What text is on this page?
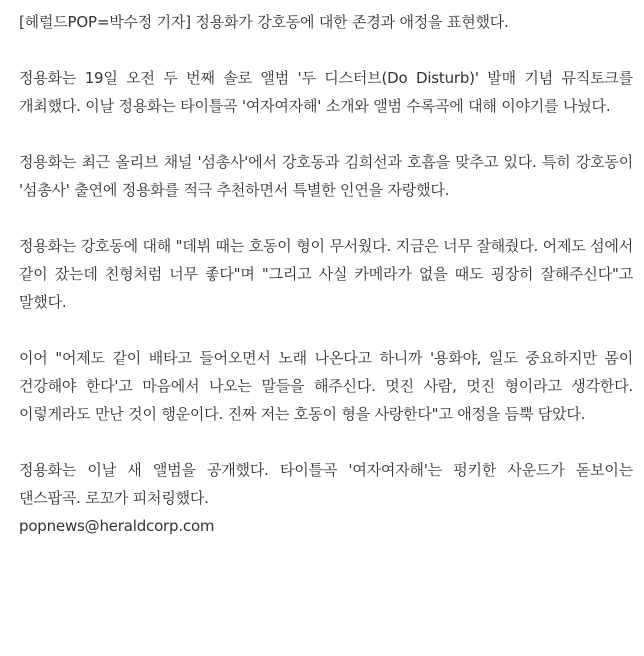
[헤럴드POP=박수정 기자] 정용화가 강호동에 대한 존경과 애정을 표현했다.

정용화는 19일 오전 두 번째 솔로 앨범 '두 디스터브(Do Disturb)' 발매 기념 뮤직토크를 개최했다. 이날 정용화는 타이틀곡 '여자여자해' 소개와 앨범 수록곡에 대해 이야기를 나눴다.

정용화는 최근 올리브 채널 '섬총사'에서 강호동과 김희선과 호흡을 맞추고 있다. 특히 강호동이 '섬총사' 출연에 정용화를 적극 추천하면서 특별한 인연을 자랑했다.

정용화는 강호동에 대해 "데뷔 때는 호동이 형이 무서웠다. 지금은 너무 잘해줬다. 어제도 섬에서 같이 잤는데 친형처럼 너무 좋다"며 "그리고 사실 카메라가 없을 때도 굉장히 잘해주신다"고 말했다.

이어 "어제도 같이 배타고 들어오면서 노래 나온다고 하니까 '용화야, 일도 중요하지만 몸이 건강해야 한다'고 마음에서 나오는 말들을 해주신다. 멋진 사람, 멋진 형이라고 생각한다. 이렇게라도 만난 것이 행운이다. 진짜 저는 호동이 형을 사랑한다"고 애정을 듬뿍 담았다.

정용화는 이날 새 앨범을 공개했다. 타이틀곡 '여자여자해'는 펑키한 사운드가 돋보이는 댄스팝곡. 로꼬가 피처링했다.

popnews@heraldcorp.com
